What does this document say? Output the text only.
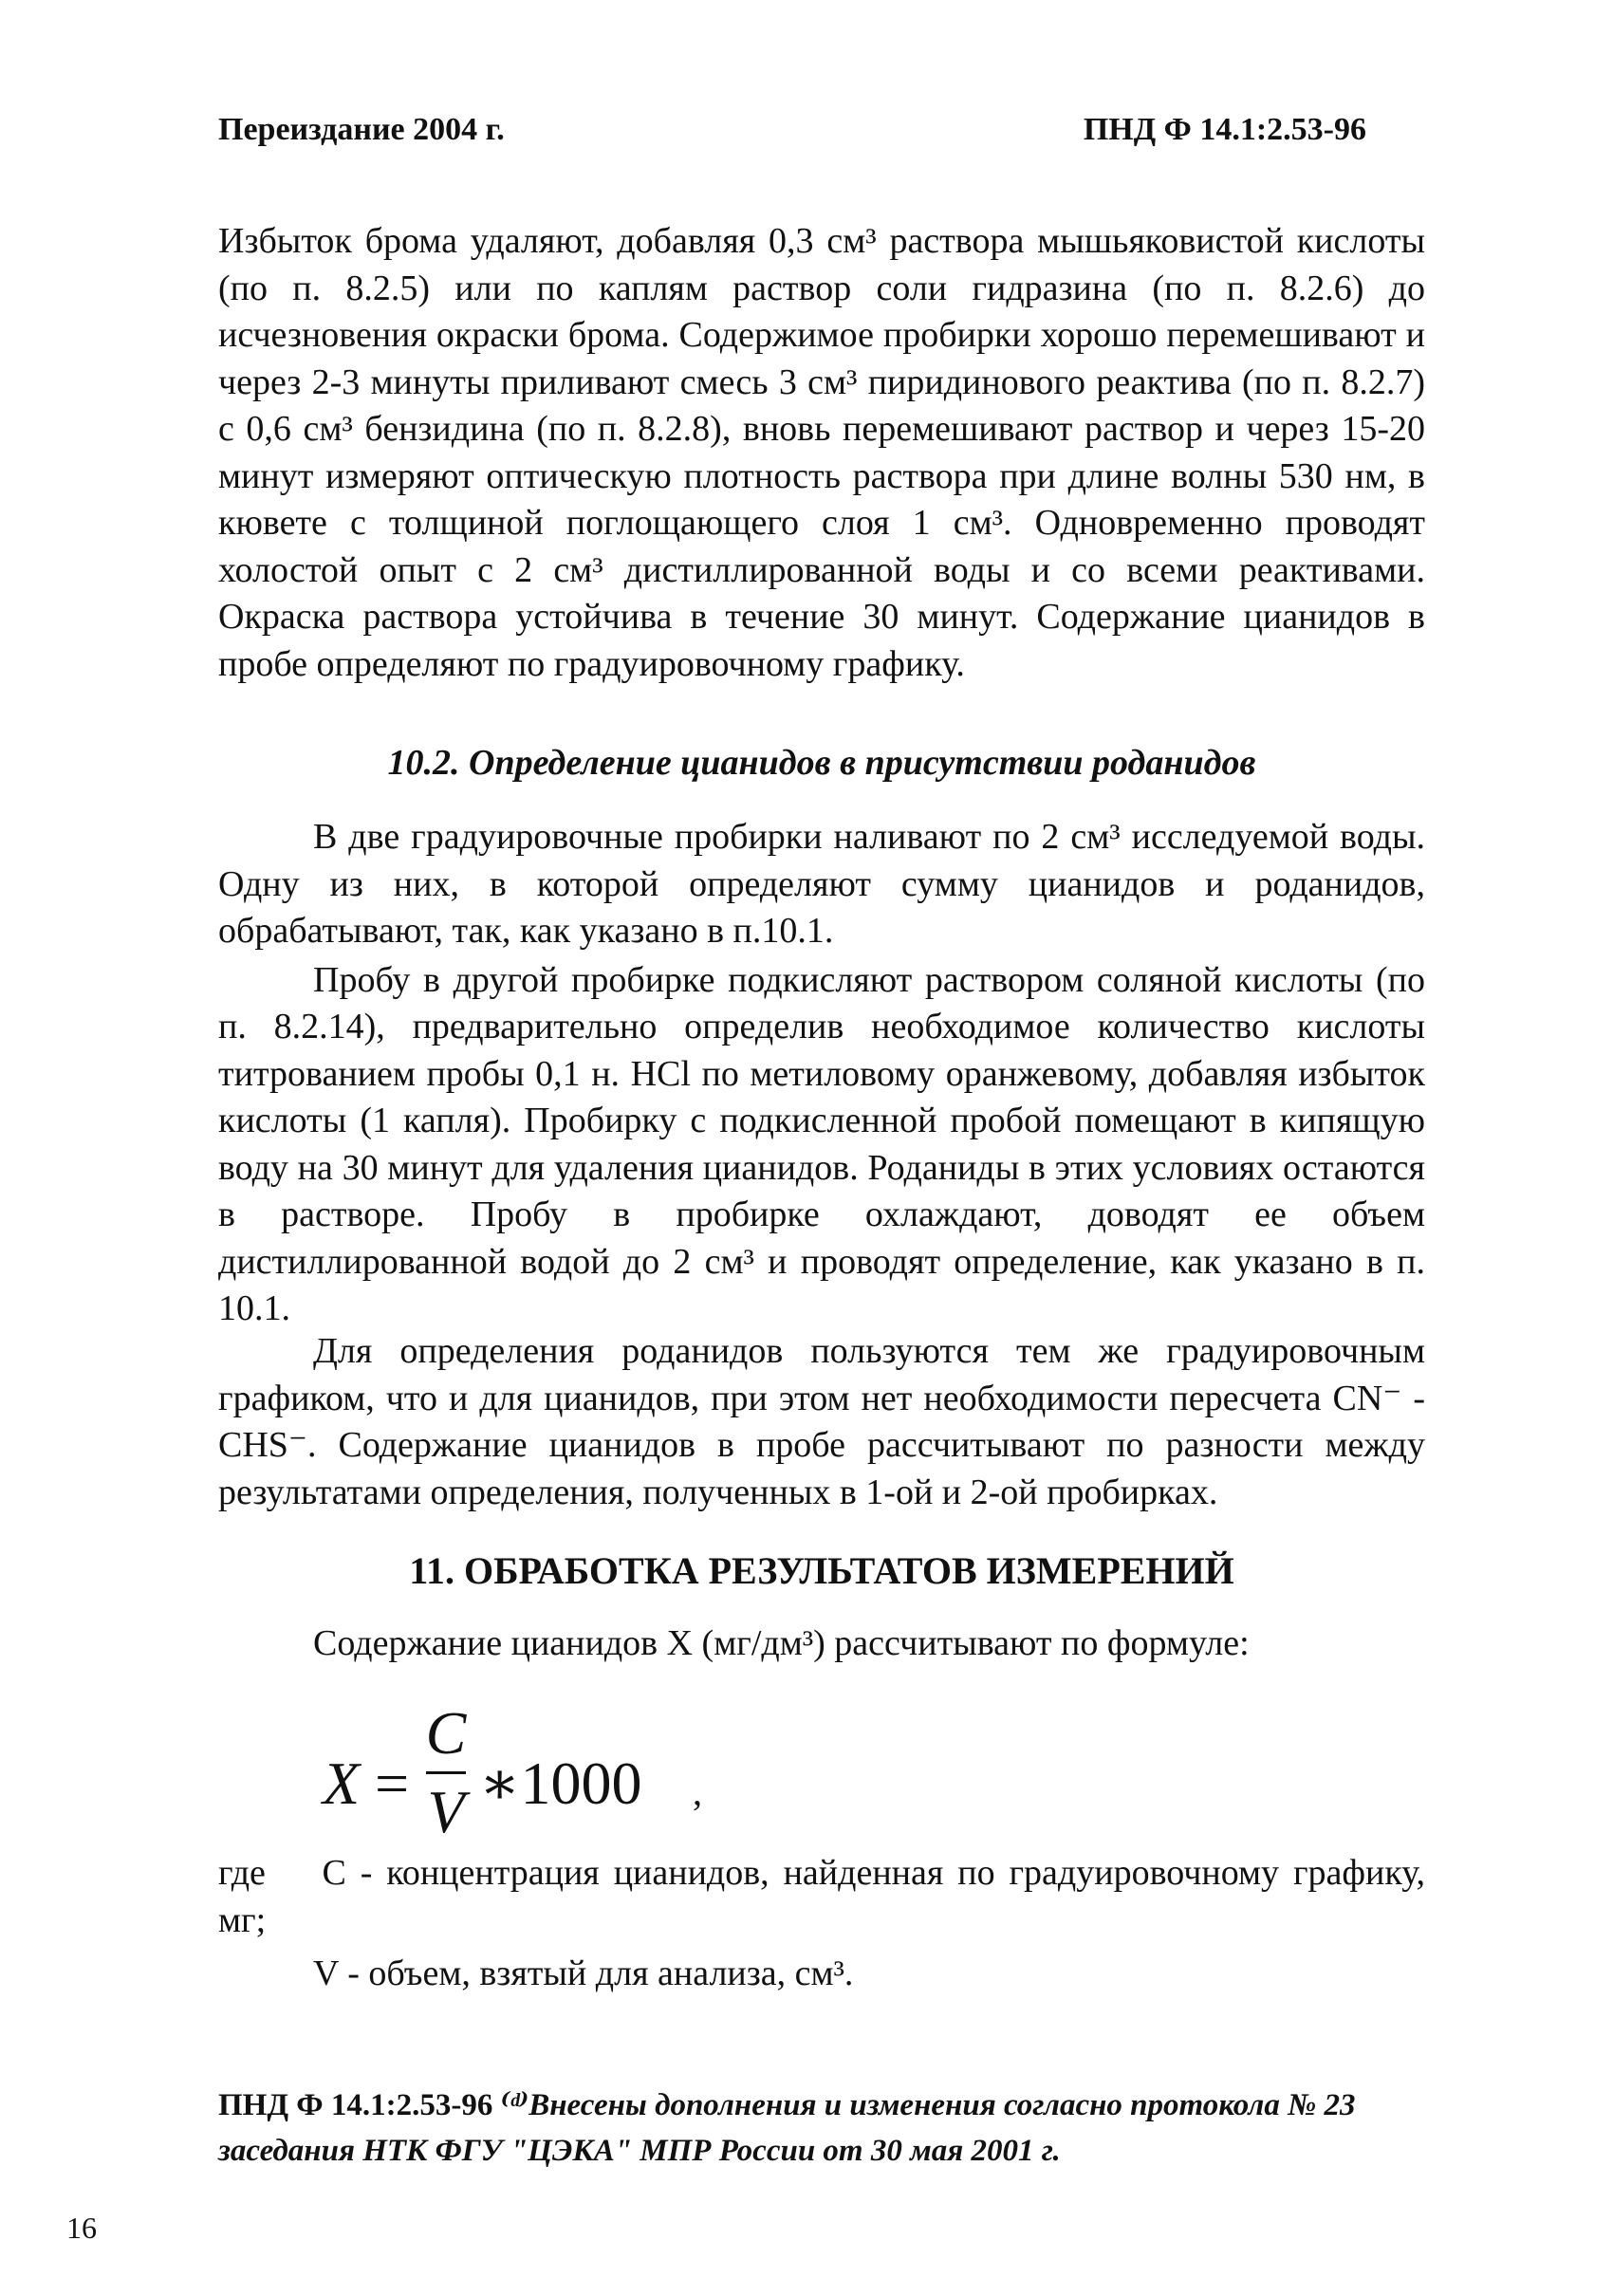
Переиздание 2004 г.	ПНД Ф 14.1:2.53-96

Избыток брома удаляют, добавляя 0,3 см³ раствора мышьяковистой кислоты (по п. 8.2.5) или по каплям раствор соли гидразина (по п. 8.2.6) до исчезновения окраски брома. Содержимое пробирки хорошо перемешивают и через 2-3 минуты приливают смесь 3 см³ пиридинового реактива (по п. 8.2.7) с 0,6 см³ бензидина (по п. 8.2.8), вновь перемешивают раствор и через 15-20 минут измеряют оптическую плотность раствора при длине волны 530 нм, в кювете с толщиной поглощающего слоя 1 см³. Одновременно проводят холостой опыт с 2 см³ дистиллированной воды и со всеми реактивами. Окраска раствора устойчива в течение 30 минут. Содержание цианидов в пробе определяют по градуировочному графику.

10.2. Определение цианидов в присутствии роданидов

В две градуировочные пробирки наливают по 2 см³ исследуемой воды. Одну из них, в которой определяют сумму цианидов и роданидов, обрабатывают, так, как указано в п.10.1.

Пробу в другой пробирке подкисляют раствором соляной кислоты (по п. 8.2.14), предварительно определив необходимое количество кислоты титрованием пробы 0,1 н. HCl по метиловому оранжевому, добавляя избыток кислоты (1 капля). Пробирку с подкисленной пробой помещают в кипящую воду на 30 минут для удаления цианидов. Роданиды в этих условиях остаются в растворе. Пробу в пробирке охлаждают, доводят ее объем дистиллированной водой до 2 см³ и проводят определение, как указано в п. 10.1.

Для определения роданидов пользуются тем же градуировочным графиком, что и для цианидов, при этом нет необходимости пересчета CN⁻ - CHS⁻. Содержание цианидов в пробе рассчитывают по разности между результатами определения, полученных в 1-ой и 2-ой пробирках.

11. ОБРАБОТКА РЕЗУЛЬТАТОВ ИЗМЕРЕНИЙ

Содержание цианидов X (мг/дм³) рассчитывают по формуле:

X =
C
V ∗1000 ,

где    С - концентрация цианидов, найденная по градуировочному графику, мг;

V - объем, взятый для анализа, см³.

ПНД Ф 14.1:2.53-96 ⁽ᵈ⁾Внесены дополнения и изменения согласно протокола № 23 заседания НТК ФГУ "ЦЭКА" МПР России от 30 мая 2001 г.
16
